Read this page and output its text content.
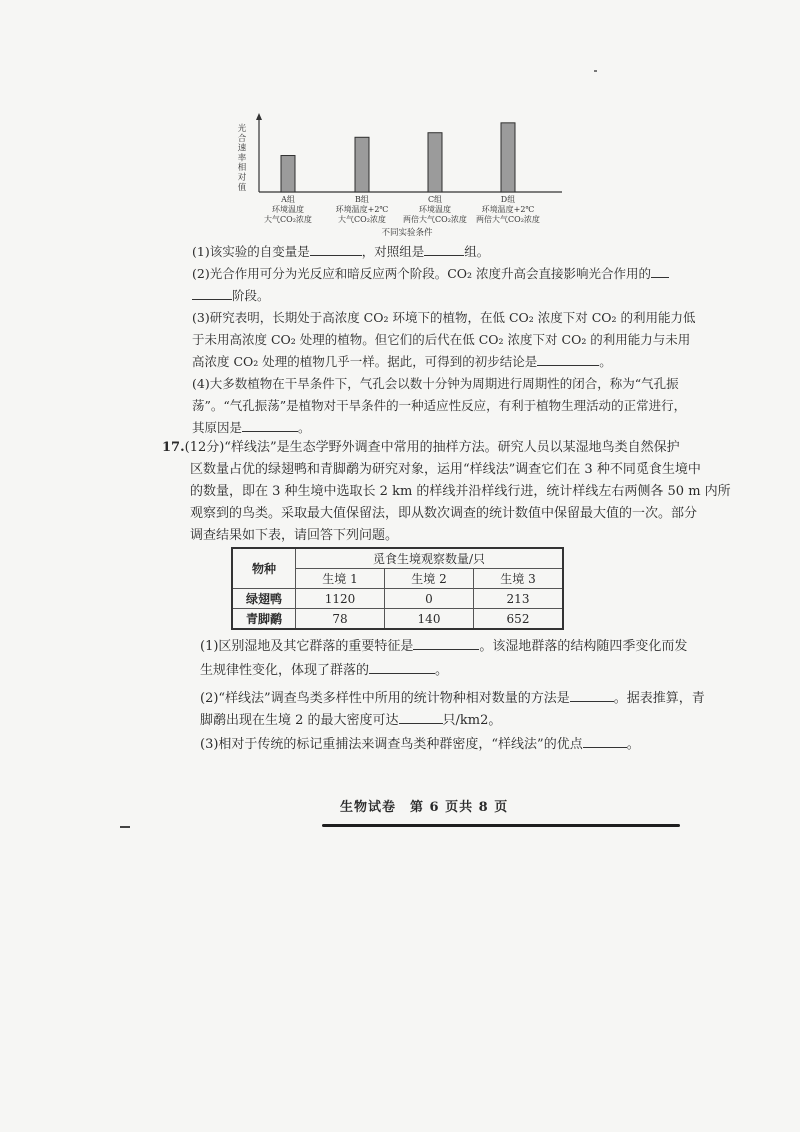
光
合
速
率
相
对
值
A组
环境温度
大气CO₂浓度
B组
环境温度+2℃
大气CO₂浓度
C组
环境温度
两倍大气CO₂浓度
D组
环境温度+2℃
两倍大气CO₂浓度
不同实验条件
(1)该实验的自变量是	，对照组是	组。
(2)光合作用可分为光反应和暗反应两个阶段。CO₂ 浓度升高会直接影响光合作用的
阶段。
(3)研究表明，长期处于高浓度 CO₂ 环境下的植物，在低 CO₂ 浓度下对 CO₂ 的利用能力低
于未用高浓度 CO₂ 处理的植物。但它们的后代在低 CO₂ 浓度下对 CO₂ 的利用能力与未用
高浓度 CO₂ 处理的植物几乎一样。据此，可得到的初步结论是	。
(4)大多数植物在干旱条件下，气孔会以数十分钟为周期进行周期性的闭合，称为“气孔振
荡”。“气孔振荡”是植物对干旱条件的一种适应性反应，有利于植物生理活动的正常进行，
其原因是	。
17.(12分)“样线法”是生态学野外调查中常用的抽样方法。研究人员以某湿地鸟类自然保护
区数量占优的绿翅鸭和青脚鹬为研究对象，运用“样线法”调查它们在 3 种不同觅食生境中
的数量，即在 3 种生境中选取长 2 km 的样线并沿样线行进，统计样线左右两侧各 50 m 内所
观察到的鸟类。采取最大值保留法，即从数次调查的统计数值中保留最大值的一次。部分
调查结果如下表，请回答下列问题。
物种	觅食生境观察数量/只		
	生境 1	生境 2	生境 3
绿翅鸭	1120	0	213
青脚鹬	78	140	652
(1)区别湿地及其它群落的重要特征是	。该湿地群落的结构随四季变化而发
生规律性变化，体现了群落的	。
(2)“样线法”调查鸟类多样性中所用的统计物种相对数量的方法是	。据表推算，青
脚鹬出现在生境 2 的最大密度可达	只/km2。
(3)相对于传统的标记重捕法来调查鸟类种群密度，“样线法”的优点	。
生物试卷　第 6 页共 8 页
